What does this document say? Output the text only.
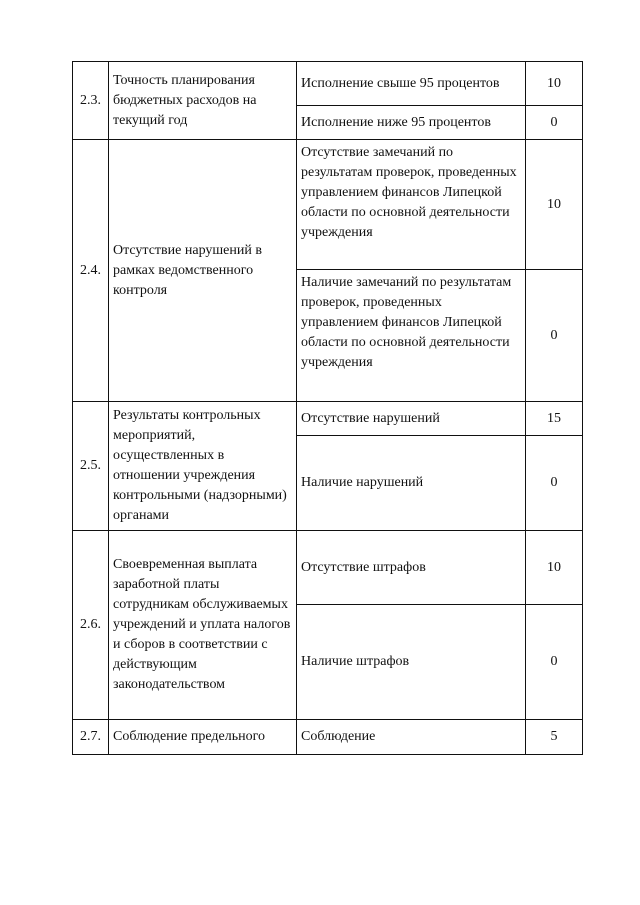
2.3.	Точность планирования бюджетных расходов на текущий год	Исполнение свыше 95 процентов	10
		Исполнение ниже 95 процентов	0
2.4.	Отсутствие нарушений в рамках ведомственного контроля	Отсутствие замечаний по результатам проверок, проведенных управлением финансов Липецкой области по основной деятельности учреждения	10
		Наличие замечаний по результатам проверок, проведенных управлением финансов Липецкой области по основной деятельности учреждения	0
2.5.	Результаты контрольных мероприятий, осуществленных в отношении учреждения контрольными (надзорными) органами	Отсутствие нарушений	15
		Наличие нарушений	0
2.6.	Своевременная выплата заработной платы сотрудникам обслуживаемых учреждений и уплата налогов и сборов в соответствии с действующим законодательством	Отсутствие штрафов	10
		Наличие штрафов	0
2.7.	Соблюдение предельного	Соблюдение	5
